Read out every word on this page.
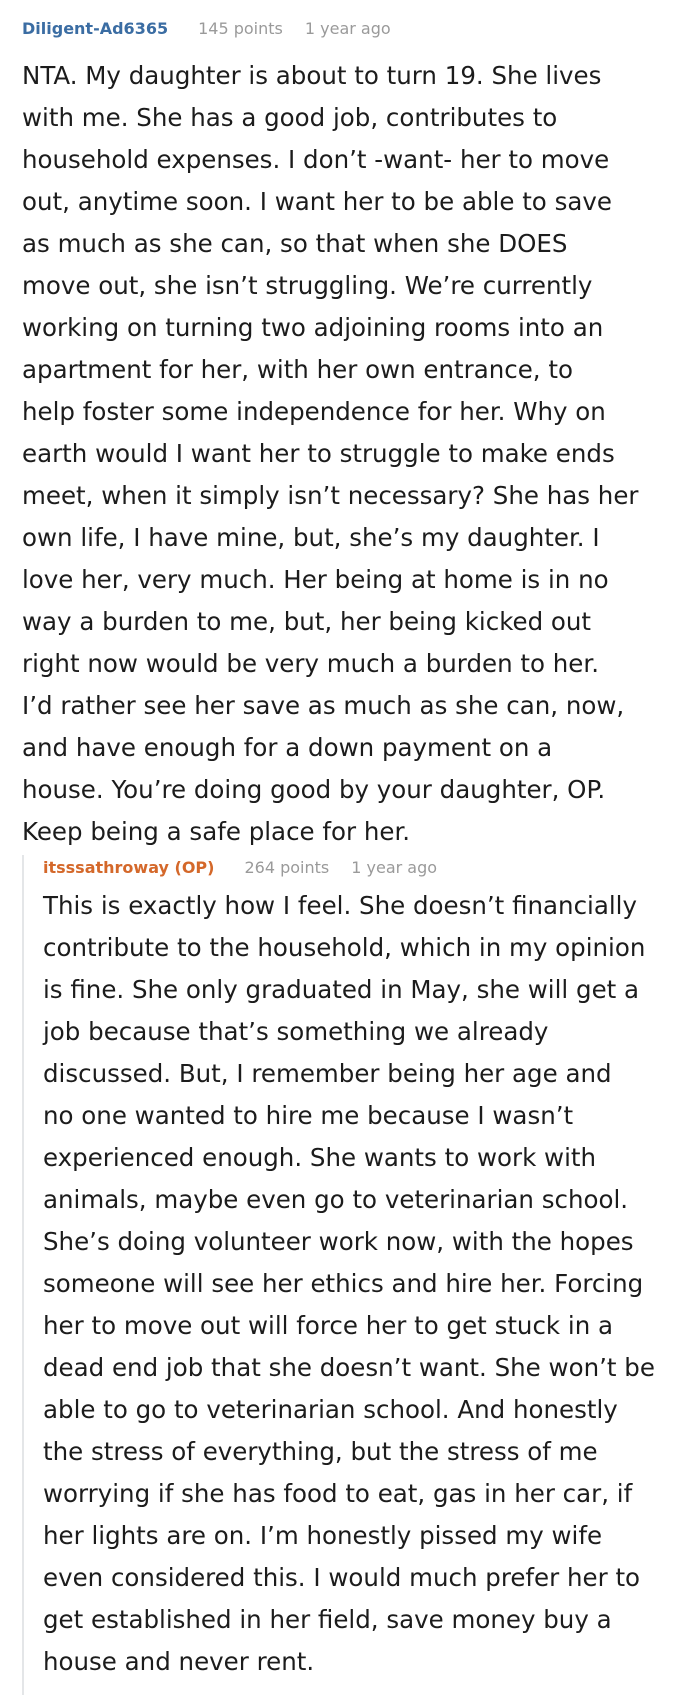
Diligent-Ad6365 145 points 1 year ago
NTA. My daughter is about to turn 19. She lives
with me. She has a good job, contributes to
household expenses. I don’t -want- her to move
out, anytime soon. I want her to be able to save
as much as she can, so that when she DOES
move out, she isn’t struggling. We’re currently
working on turning two adjoining rooms into an
apartment for her, with her own entrance, to
help foster some independence for her. Why on
earth would I want her to struggle to make ends
meet, when it simply isn’t necessary? She has her
own life, I have mine, but, she’s my daughter. I
love her, very much. Her being at home is in no
way a burden to me, but, her being kicked out
right now would be very much a burden to her.
I’d rather see her save as much as she can, now,
and have enough for a down payment on a
house. You’re doing good by your daughter, OP.
Keep being a safe place for her.
itsssathroway (OP) 264 points 1 year ago
This is exactly how I feel. She doesn’t financially
contribute to the household, which in my opinion
is fine. She only graduated in May, she will get a
job because that’s something we already
discussed. But, I remember being her age and
no one wanted to hire me because I wasn’t
experienced enough. She wants to work with
animals, maybe even go to veterinarian school.
She’s doing volunteer work now, with the hopes
someone will see her ethics and hire her. Forcing
her to move out will force her to get stuck in a
dead end job that she doesn’t want. She won’t be
able to go to veterinarian school. And honestly
the stress of everything, but the stress of me
worrying if she has food to eat, gas in her car, if
her lights are on. I’m honestly pissed my wife
even considered this. I would much prefer her to
get established in her field, save money buy a
house and never rent.
